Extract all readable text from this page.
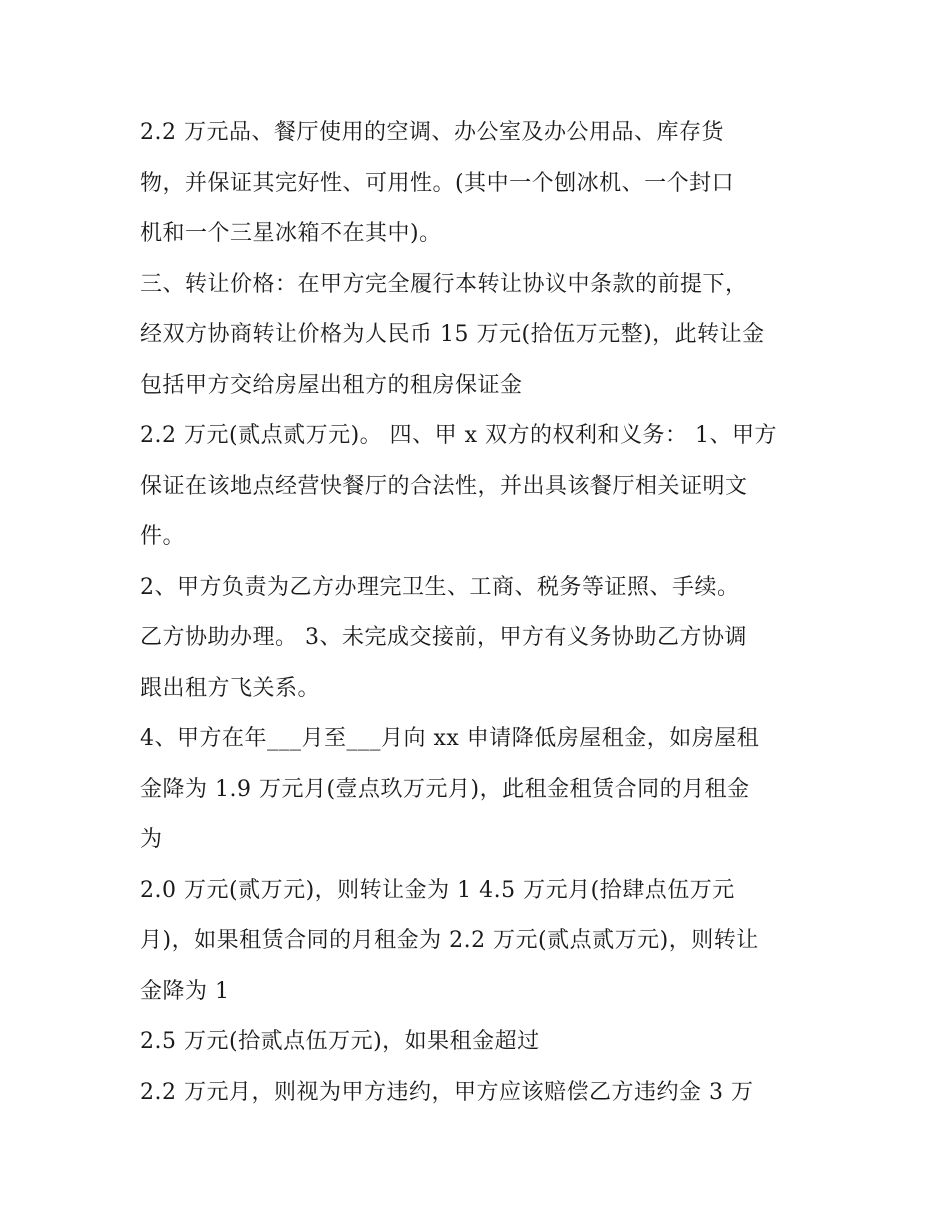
2.2 万元品、餐厅使用的空调、办公室及办公用品、库存货
物，并保证其完好性、可用性。(其中一个刨冰机、一个封口
机和一个三星冰箱不在其中)。
三、转让价格：在甲方完全履行本转让协议中条款的前提下，
经双方协商转让价格为人民币 15 万元(拾伍万元整)，此转让金
包括甲方交给房屋出租方的租房保证金
2.2 万元(贰点贰万元)。 四、甲 x 双方的权利和义务： 1、甲方
保证在该地点经营快餐厅的合法性，并出具该餐厅相关证明文
件。
2、甲方负责为乙方办理完卫生、工商、税务等证照、手续。
乙方协助办理。 3、未完成交接前，甲方有义务协助乙方协调
跟出租方飞关系。
4、甲方在年___月至___月向 xx 申请降低房屋租金，如房屋租
金降为 1.9 万元月(壹点玖万元月)，此租金租赁合同的月租金
为
2.0 万元(贰万元)，则转让金为 1 4.5 万元月(拾肆点伍万元
月)，如果租赁合同的月租金为 2.2 万元(贰点贰万元)，则转让
金降为 1
2.5 万元(拾贰点伍万元)，如果租金超过
2.2 万元月，则视为甲方违约，甲方应该赔偿乙方违约金 3 万
